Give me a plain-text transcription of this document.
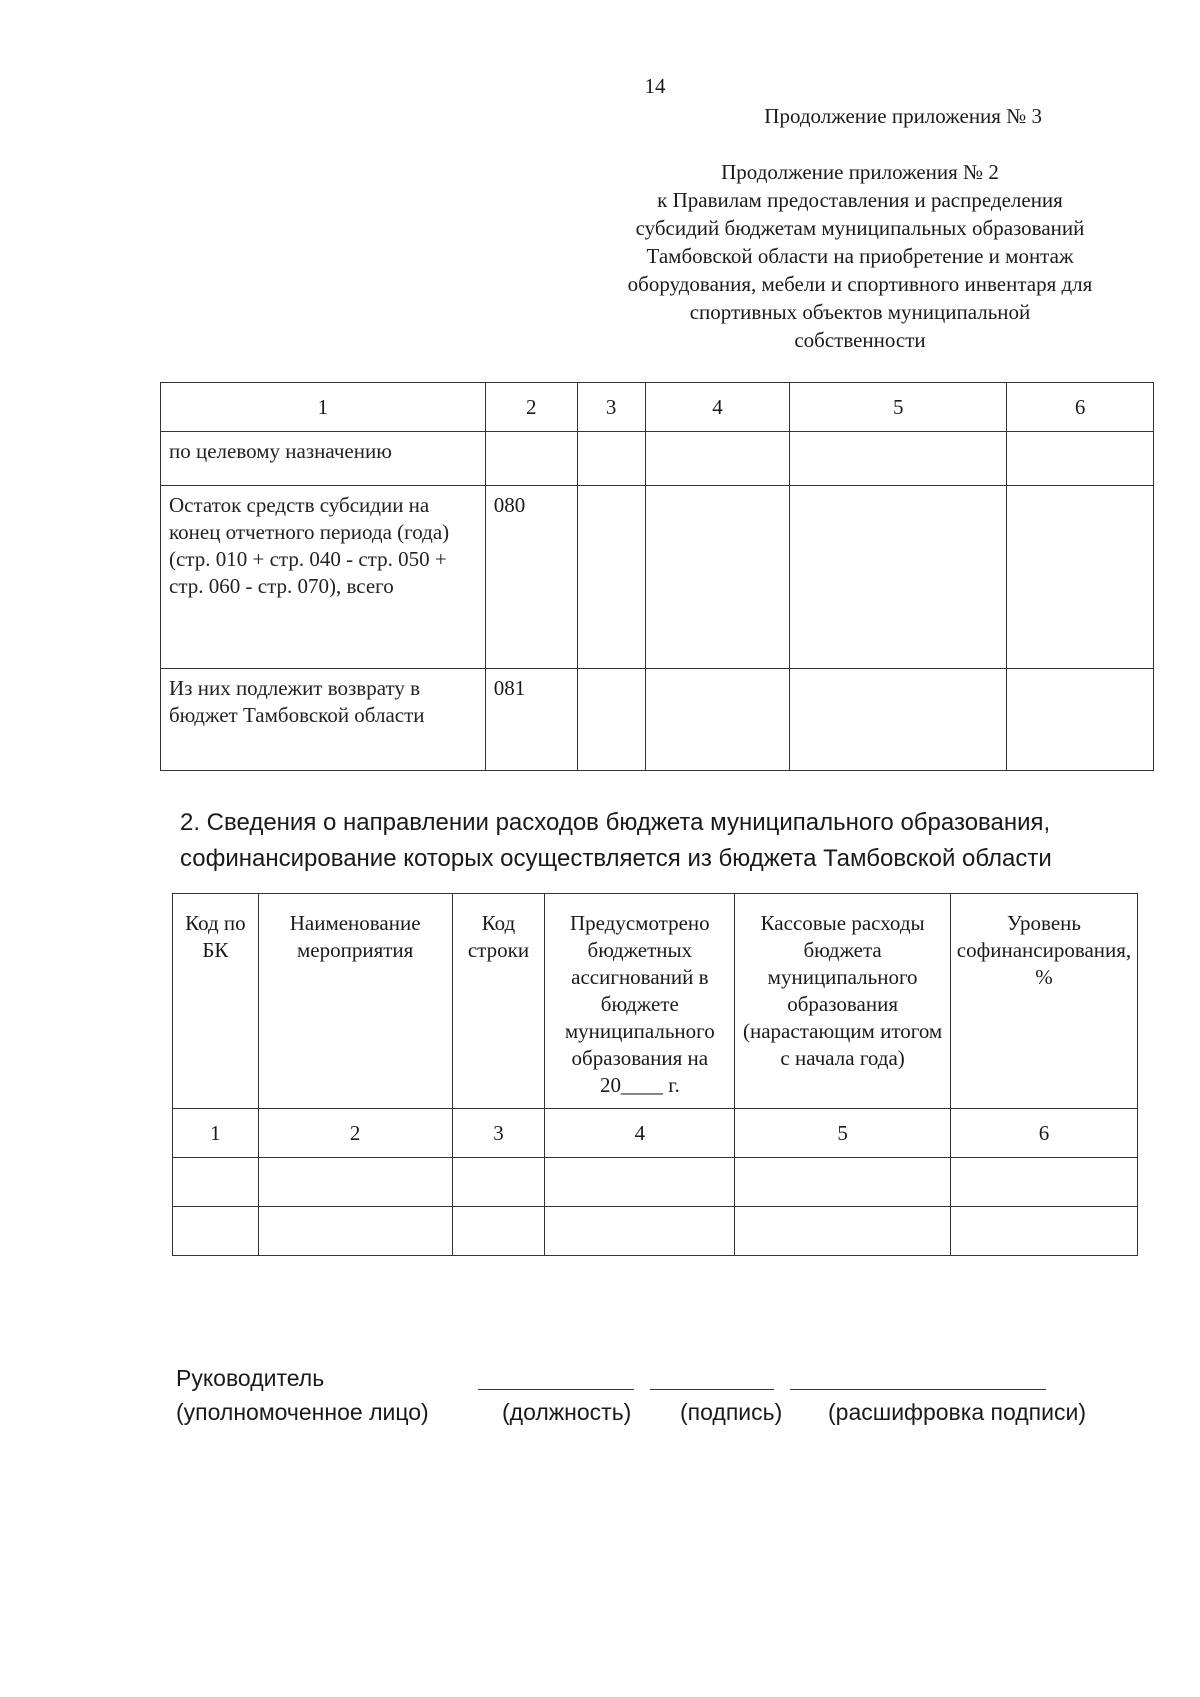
14
Продолжение приложения № 3
Продолжение приложения № 2
к Правилам предоставления и распределения
субсидий бюджетам муниципальных образований
Тамбовской области на приобретение и монтаж
оборудования, мебели и спортивного инвентаря для
спортивных объектов муниципальной
собственности
1	2	3	4	5	6
по целевому назначению					
Остаток средств субсидии на конец отчетного периода (года) (стр. 010 + стр. 040 - стр. 050 + стр. 060 - стр. 070), всего	080				
Из них подлежит возврату в бюджет Тамбовской области	081				
2. Сведения о направлении расходов бюджета муниципального образования, софинансирование которых осуществляется из бюджета Тамбовской области
Код по БК	Наименование мероприятия	Код строки	Предусмотрено бюджетных ассигнований в бюджете муниципального образования на 20____ г.	Кассовые расходы бюджета муниципального образования (нарастающим итогом с начала года)	Уровень софинансирования, %
1	2	3	4	5	6

Руководитель
(уполномоченное лицо)	(должность) (подпись) (расшифровка подписи)
